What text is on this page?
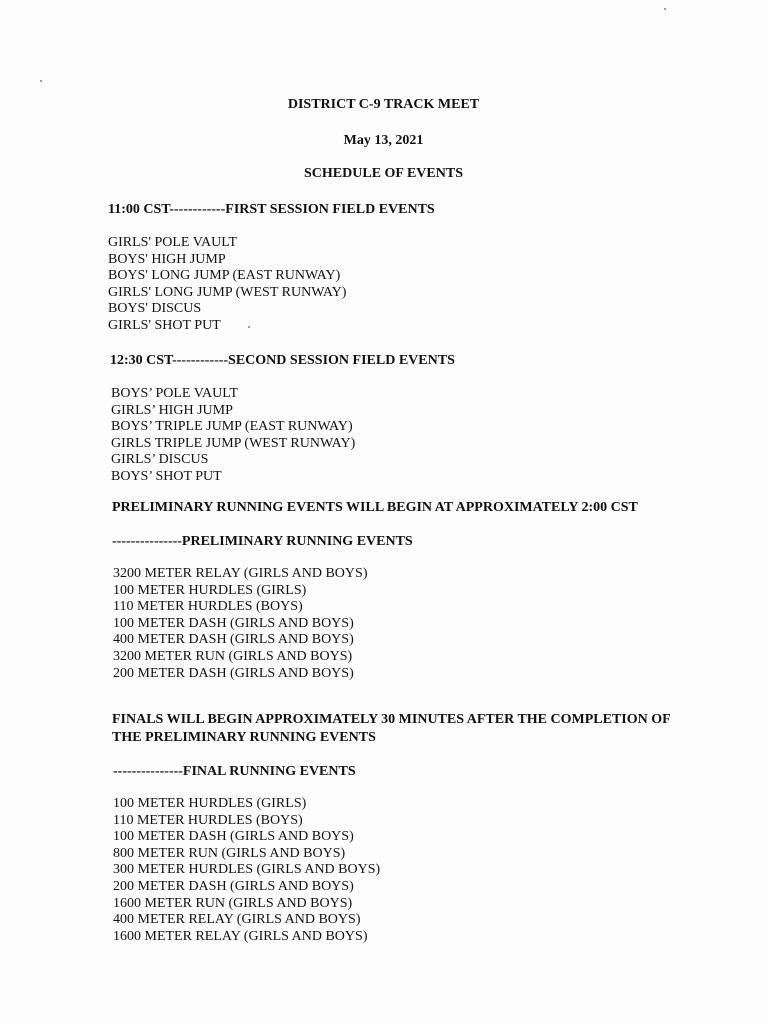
DISTRICT C-9 TRACK MEET
May 13, 2021
SCHEDULE OF EVENTS
11:00 CST------------FIRST SESSION FIELD EVENTS
GIRLS' POLE VAULT
BOYS' HIGH JUMP
BOYS' LONG JUMP (EAST RUNWAY)
GIRLS' LONG JUMP (WEST RUNWAY)
BOYS' DISCUS
GIRLS' SHOT PUT
12:30 CST------------SECOND SESSION FIELD EVENTS
BOYS’ POLE VAULT
GIRLS’ HIGH JUMP
BOYS’ TRIPLE JUMP (EAST RUNWAY)
GIRLS TRIPLE JUMP (WEST RUNWAY)
GIRLS’ DISCUS
BOYS’ SHOT PUT
PRELIMINARY RUNNING EVENTS WILL BEGIN AT APPROXIMATELY 2:00 CST
---------------PRELIMINARY RUNNING EVENTS
3200 METER RELAY (GIRLS AND BOYS)
100 METER HURDLES (GIRLS)
110 METER HURDLES (BOYS)
100 METER DASH (GIRLS AND BOYS)
400 METER DASH (GIRLS AND BOYS)
3200 METER RUN (GIRLS AND BOYS)
200 METER DASH (GIRLS AND BOYS)
FINALS WILL BEGIN APPROXIMATELY 30 MINUTES AFTER THE COMPLETION OF THE PRELIMINARY RUNNING EVENTS
---------------FINAL RUNNING EVENTS
100 METER HURDLES (GIRLS)
110 METER HURDLES (BOYS)
100 METER DASH (GIRLS AND BOYS)
800 METER RUN (GIRLS AND BOYS)
300 METER HURDLES (GIRLS AND BOYS)
200 METER DASH (GIRLS AND BOYS)
1600 METER RUN (GIRLS AND BOYS)
400 METER RELAY (GIRLS AND BOYS)
1600 METER RELAY (GIRLS AND BOYS)
